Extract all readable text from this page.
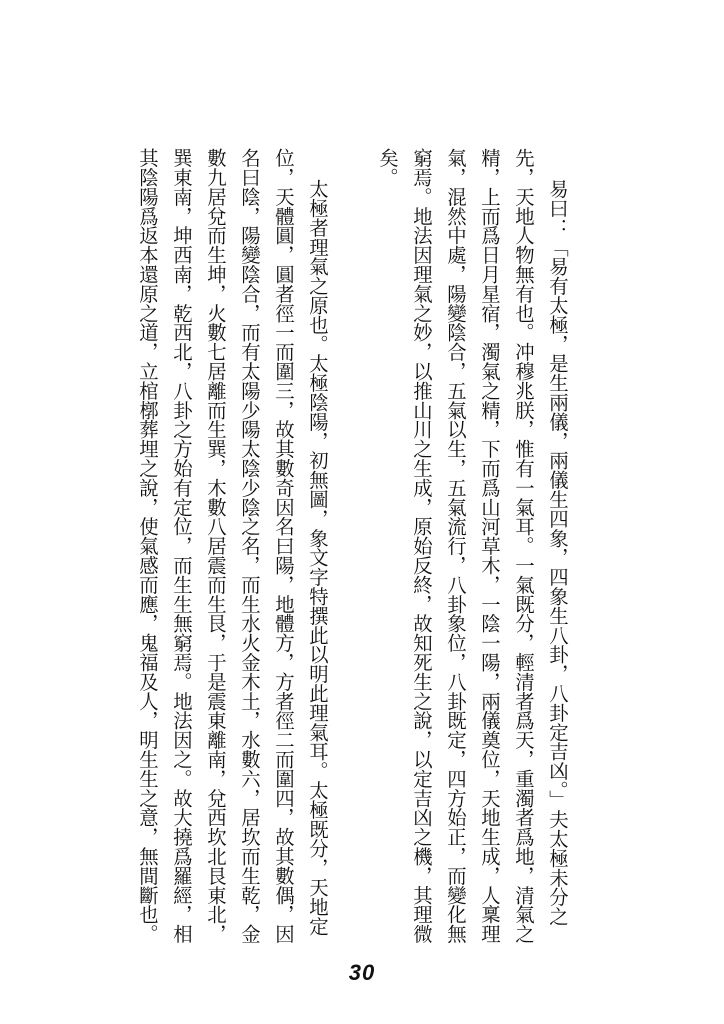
易曰：「易有太極，是生兩儀，兩儀生四象，四象生八卦，八卦定吉凶。」夫太極未分之先，天地人物無有也。冲穆兆朕，惟有一氣耳。一氣既分，輕清者爲天，重濁者爲地，清氣之精，上而爲日月星宿，濁氣之精，下而爲山河草木，一陰一陽，兩儀奠位，天地生成，人稟理氣，混然中處，陽變陰合，五氣以生，五氣流行，八卦象位，八卦既定，四方始正，而變化無窮焉。地法因理氣之妙，以推山川之生成，原始反終，故知死生之說，以定吉凶之機，其理微矣。

太極者理氣之原也。太極陰陽，初無圖，象文字特撰此以明此理氣耳。太極既分，天地定位，天體圓，圓者徑一而圍三，故其數奇因名曰陽，地體方，方者徑二而圍四，故其數偶，因名曰陰，陽變陰合，而有太陽少陽太陰少陰之名，而生水火金木土，水數六，居坎而生乾，金數九居兌而生坤，火數七居離而生巽，木數八居震而生艮，于是震東離南，兌西坎北艮東北，巽東南，坤西南，乾西北，八卦之方始有定位，而生生無窮焉。地法因之。故大撓爲羅經，相其陰陽爲返本還原之道，立棺槨葬埋之說，使氣感而應，鬼福及人，明生生之意，無間斷也。

30
